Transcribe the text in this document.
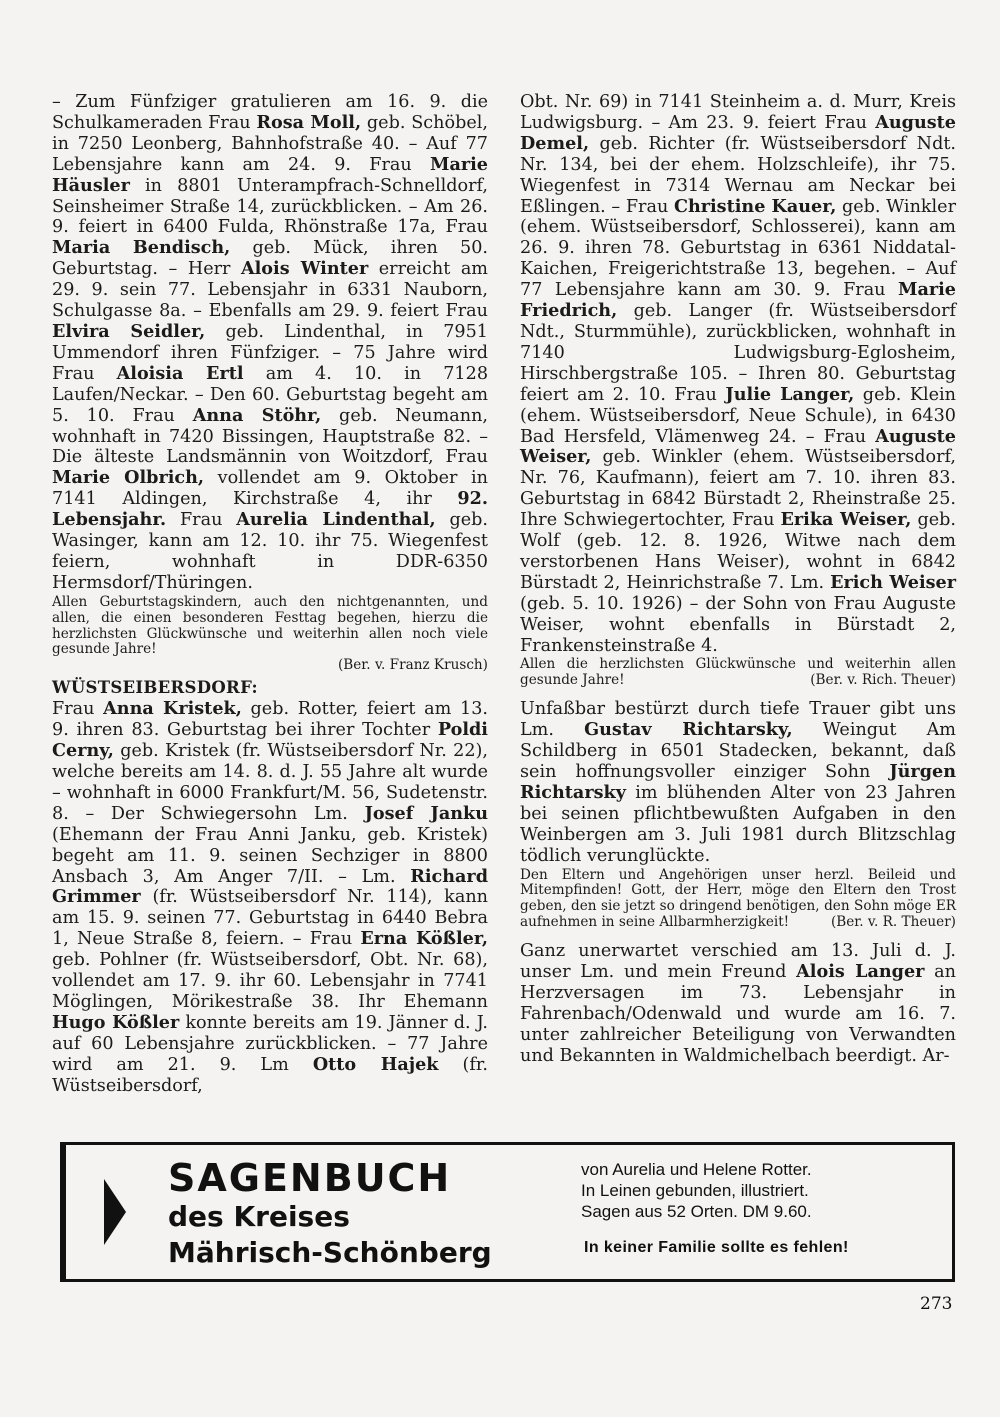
– Zum Fünfziger gratulieren am 16. 9. die Schulkameraden Frau Rosa Moll, geb. Schöbel, in 7250 Leonberg, Bahnhofstraße 40. – Auf 77 Lebensjahre kann am 24. 9. Frau Marie Häusler in 8801 Unterampfrach-Schnelldorf, Seinsheimer Straße 14, zurückblicken. – Am 26. 9. feiert in 6400 Fulda, Rhönstraße 17a, Frau Maria Bendisch, geb. Mück, ihren 50. Geburtstag. – Herr Alois Winter erreicht am 29. 9. sein 77. Lebensjahr in 6331 Nauborn, Schulgasse 8a. – Ebenfalls am 29. 9. feiert Frau Elvira Seidler, geb. Lindenthal, in 7951 Ummendorf ihren Fünfziger. – 75 Jahre wird Frau Aloisia Ertl am 4. 10. in 7128 Laufen/Neckar. – Den 60. Geburtstag begeht am 5. 10. Frau Anna Stöhr, geb. Neumann, wohnhaft in 7420 Bissingen, Hauptstraße 82. – Die älteste Landsmännin von Woitzdorf, Frau Marie Olbrich, vollendet am 9. Oktober in 7141 Aldingen, Kirchstraße 4, ihr 92. Lebensjahr. Frau Aurelia Lindenthal, geb. Wasinger, kann am 12. 10. ihr 75. Wiegenfest feiern, wohnhaft in DDR-6350 Hermsdorf/Thüringen.

Allen Geburtstagskindern, auch den nichtgenannten, und allen, die einen besonderen Festtag begehen, hierzu die herzlichsten Glückwünsche und weiterhin allen noch viele gesunde Jahre!

(Ber. v. Franz Krusch)

WÜSTSEIBERSDORF:

Frau Anna Kristek, geb. Rotter, feiert am 13. 9. ihren 83. Geburtstag bei ihrer Tochter Poldi Cerny, geb. Kristek (fr. Wüstseibersdorf Nr. 22), welche bereits am 14. 8. d. J. 55 Jahre alt wurde – wohnhaft in 6000 Frankfurt/M. 56, Sudetenstr. 8. – Der Schwiegersohn Lm. Josef Janku (Ehemann der Frau Anni Janku, geb. Kristek) begeht am 11. 9. seinen Sechziger in 8800 Ansbach 3, Am Anger 7/II. – Lm. Richard Grimmer (fr. Wüstseibersdorf Nr. 114), kann am 15. 9. seinen 77. Geburtstag in 6440 Bebra 1, Neue Straße 8, feiern. – Frau Erna Kößler, geb. Pohlner (fr. Wüstseibersdorf, Obt. Nr. 68), vollendet am 17. 9. ihr 60. Lebensjahr in 7741 Möglingen, Mörikestraße 38. Ihr Ehemann Hugo Kößler konnte bereits am 19. Jänner d. J. auf 60 Lebensjahre zurückblicken. – 77 Jahre wird am 21. 9. Lm Otto Hajek (fr. Wüstseibersdorf,

Obt. Nr. 69) in 7141 Steinheim a. d. Murr, Kreis Ludwigsburg. – Am 23. 9. feiert Frau Auguste Demel, geb. Richter (fr. Wüstseibersdorf Ndt. Nr. 134, bei der ehem. Holzschleife), ihr 75. Wiegenfest in 7314 Wernau am Neckar bei Eßlingen. – Frau Christine Kauer, geb. Winkler (ehem. Wüstseibersdorf, Schlosserei), kann am 26. 9. ihren 78. Geburtstag in 6361 Niddatal-Kaichen, Freigerichtstraße 13, begehen. – Auf 77 Lebensjahre kann am 30. 9. Frau Marie Friedrich, geb. Langer (fr. Wüstseibersdorf Ndt., Sturmmühle), zurückblicken, wohnhaft in 7140 Ludwigsburg-Eglosheim, Hirschbergstraße 105. – Ihren 80. Geburtstag feiert am 2. 10. Frau Julie Langer, geb. Klein (ehem. Wüstseibersdorf, Neue Schule), in 6430 Bad Hersfeld, Vlämenweg 24. – Frau Auguste Weiser, geb. Winkler (ehem. Wüstseibersdorf, Nr. 76, Kaufmann), feiert am 7. 10. ihren 83. Geburtstag in 6842 Bürstadt 2, Rheinstraße 25. Ihre Schwiegertochter, Frau Erika Weiser, geb. Wolf (geb. 12. 8. 1926, Witwe nach dem verstorbenen Hans Weiser), wohnt in 6842 Bürstadt 2, Heinrichstraße 7. Lm. Erich Weiser (geb. 5. 10. 1926) – der Sohn von Frau Auguste Weiser, wohnt ebenfalls in Bürstadt 2, Frankensteinstraße 4.

Allen die herzlichsten Glückwünsche und weiterhin allen gesunde Jahre!	(Ber. v. Rich. Theuer)

Unfaßbar bestürzt durch tiefe Trauer gibt uns Lm. Gustav Richtarsky, Weingut Am Schildberg in 6501 Stadecken, bekannt, daß sein hoffnungsvoller einziger Sohn Jürgen Richtarsky im blühenden Alter von 23 Jahren bei seinen pflichtbewußten Aufgaben in den Weinbergen am 3. Juli 1981 durch Blitzschlag tödlich verunglückte.

Den Eltern und Angehörigen unser herzl. Beileid und Mitempfinden! Gott, der Herr, möge den Eltern den Trost geben, den sie jetzt so dringend benötigen, den Sohn möge ER aufnehmen in seine Allbarmherzigkeit!	(Ber. v. R. Theuer)

Ganz unerwartet verschied am 13. Juli d. J. unser Lm. und mein Freund Alois Langer an Herzversagen im 73. Lebensjahr in Fahrenbach/Odenwald und wurde am 16. 7. unter zahlreicher Beteiligung von Verwandten und Bekannten in Waldmichelbach beerdigt. Ar-

SAGENBUCH
des Kreises
Mährisch-Schönberg
von Aurelia und Helene Rotter.
In Leinen gebunden, illustriert.
Sagen aus 52 Orten. DM 9.60.
In keiner Familie sollte es fehlen!
273
